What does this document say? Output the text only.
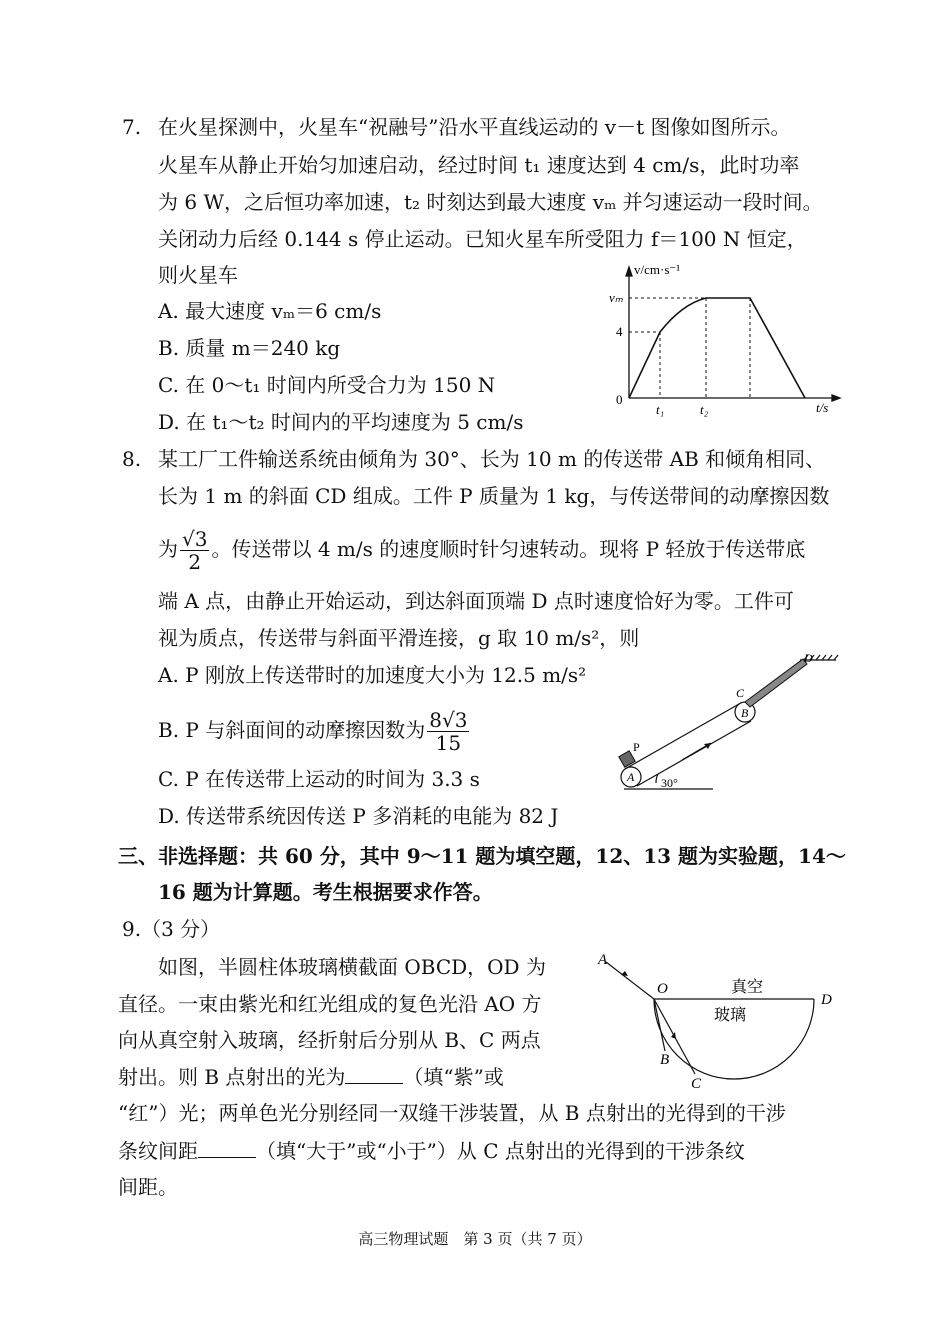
7. 在火星探测中，火星车“祝融号”沿水平直线运动的 v－t 图像如图所示。
火星车从静止开始匀加速启动，经过时间 t₁ 速度达到 4 cm/s，此时功率
为 6 W，之后恒功率加速，t₂ 时刻达到最大速度 vₘ 并匀速运动一段时间。
关闭动力后经 0.144 s 停止运动。已知火星车所受阻力 f＝100 N 恒定，
则火星车
A. 最大速度 vₘ＝6 cm/s
B. 质量 m＝240 kg
C. 在 0～t₁ 时间内所受合力为 150 N
D. 在 t₁～t₂ 时间内的平均速度为 5 cm/s
v/cm·s⁻¹
vₘ
4
0
t₁	t₂	t/s
8. 某工厂工件输送系统由倾角为 30°、长为 10 m 的传送带 AB 和倾角相同、
长为 1 m 的斜面 CD 组成。工件 P 质量为 1 kg，与传送带间的动摩擦因数
为 $\frac{√3}{2}$ 。传送带以 4 m/s 的速度顺时针匀速转动。现将 P 轻放于传送带底
端 A 点，由静止开始运动，到达斜面顶端 D 点时速度恰好为零。工件可
视为质点，传送带与斜面平滑连接，g 取 10 m/s²，则
A. P 刚放上传送带时的加速度大小为 12.5 m/s²
B. P 与斜面间的动摩擦因数为 $\frac{8√3}{15}$
C. P 在传送带上运动的时间为 3.3 s
D. 传送带系统因传送 P 多消耗的电能为 82 J
D
C
B
A
P
30°
三、非选择题：共 60 分，其中 9～11 题为填空题，12、13 题为实验题，14～
16 题为计算题。考生根据要求作答。
9.（3 分）
如图，半圆柱体玻璃横截面 OBCD，OD 为
直径。一束由紫光和红光组成的复色光沿 AO 方
向从真空射入玻璃，经折射后分别从 B、C 两点
射出。则 B 点射出的光为	（填“紫”或
“红”）光；两单色光分别经同一双缝干涉装置，从 B 点射出的光得到的干涉
条纹间距	（填“大于”或“小于”）从 C 点射出的光得到的干涉条纹
间距。
A
O
D
B
C
真空
玻璃
高三物理试题　第 3 页（共 7 页）
